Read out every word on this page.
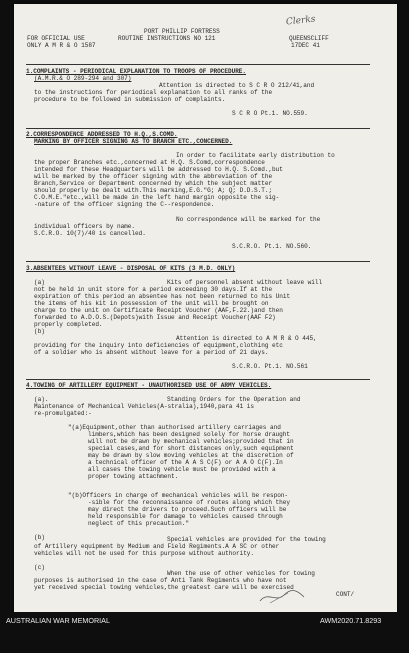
FOR OFFICIAL USE
ONLY A M R & O 1587
PORT PHILLIP FORTRESS
ROUTINE INSTRUCTIONS NO 121	QUEENSCLIFF
17DEC 41
Clerks
1.COMPLAINTS - PERIODICAL EXPLANATION TO TROOPS OF PROCEDURE.
(A.M.R.& O 289-294 and 307)
Attention is directed to S C R O 212/41,and
to the instructions for periodical explanation to all ranks of the
procedure to be followed in submission of complaints.
S C R O Pt.1. NO.559.
2.CORRESPONDENCE ADDRESSED TO H.Q.,S.COMD.
MARKING BY OFFICER SIGNING AS TO BRANCH ETC.,CONCERNED.
In order to facilitate early distribution to
the proper Branches etc.,concerned at H.Q. S.Comd,correspondence
intended for these Headquarters will be addressed to H.Q. S.Comd.,but
will be marked by the officer signing with the abbreviation of the
Branch,Service or Department concerned by which the subject matter
should properly be dealt with.This marking,E.G."G; A; Q; D.D.S.T.;
C.O.M.E."etc.,will be made in the left hand margin opposite the sig-
-nature of the officer signing the C--respondence.
No correspondence will be marked for the
individual officers by name.
S.C.R.O. 10(7)/40 is cancelled.
S.C.R.O. Pt.1. NO.560.
3.ABSENTEES WITHOUT LEAVE - DISPOSAL OF KITS (3 M.D. ONLY)
(a)	Kits of personnel absent without leave will
not be held in unit store for a period exceeding 30 days.If at the
expiration of this period an absentee has not been returned to his Unit
the items of his kit in possession of the unit will be brought on
charge to the unit on Certificate Receipt Voucher (AAF,F.22.)and then
forwarded to A.D.O.S.(Depots)with Issue and Receipt Voucher(AAF F2)
properly completed.
(b)
Attention is directed to A M R & O 445,
providing for the inquiry into deficiencies of equipment,clothing etc
of a soldier who is absent without leave for a period of 21 days.
S.C.R.O. Pt.1. NO.561
4.TOWING OF ARTILLERY EQUIPMENT - UNAUTHORISED USE OF ARMY VEHICLES.
(a).	Standing Orders for the Operation and
Maintenance of Mechanical Vehicles(A-stralia),1940,para 41 is
re-promulgated:-
"(a)Equipment,other than authorised artillery carriages and
limbers,which has been designed solely for horse draught
will not be drawn by mechanical vehicles;provided that in
special cases,and for short distances only,such equipment
may be drawn by slow moving vehicles at the discretion of
a technical officer of the A A S C(F) or A A O C(F).In
all cases the towing vehicle must be provided with a
proper towing attachment.
"(b)Officers in charge of mechanical vehicles will be respon-
-sible for the reconnaissance of routes along which they
may direct the drivers to proceed.Such officers will be
held responsible for damage to vehicles caused through
neglect of this precaution."
(b)	Special vehicles are provided for the towing
of Artillery equipment by Medium and Field Regiments.A A SC or other
vehicles will not be used for this purpose without authority.
(c)
When the use of other vehicles for towing
purposes is authorised in the case of Anti Tank Regiments who have not
yet received special towing vehicles,the greatest care will be exercised
CONT/
AUSTRALIAN WAR MEMORIAL	AWM2020.71.8293
